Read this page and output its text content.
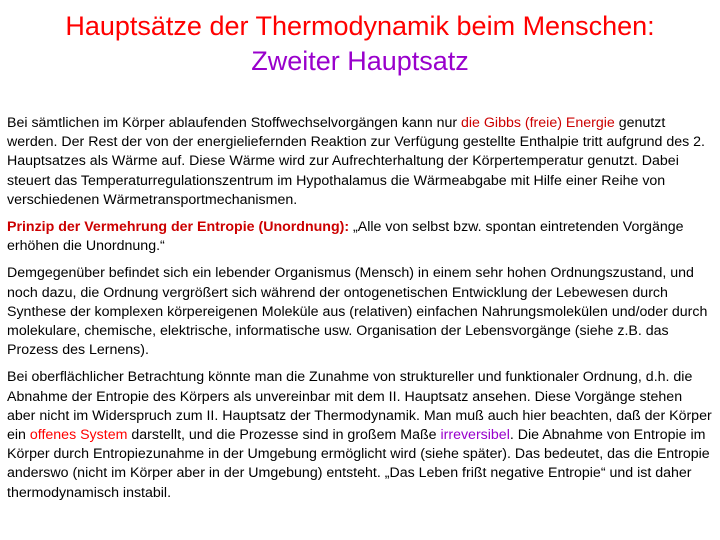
Hauptsätze der Thermodynamik beim Menschen:
Zweiter Hauptsatz

Bei sämtlichen im Körper ablaufenden Stoffwechselvorgängen kann nur die Gibbs (freie) Energie genutzt werden. Der Rest der von der energieliefernden Reaktion zur Verfügung gestellte Enthalpie tritt aufgrund des 2. Hauptsatzes als Wärme auf. Diese Wärme wird zur Aufrechterhaltung der Körpertemperatur genutzt. Dabei steuert das Temperaturregulationszentrum im Hypothalamus die Wärmeabgabe mit Hilfe einer Reihe von verschiedenen Wärmetransportmechanismen.

Prinzip der Vermehrung der Entropie (Unordnung): „Alle von selbst bzw. spontan eintretenden Vorgänge erhöhen die Unordnung.“

Demgegenüber befindet sich ein lebender Organismus (Mensch) in einem sehr hohen Ordnungszustand, und noch dazu, die Ordnung vergrößert sich während der ontogenetischen Entwicklung der Lebewesen durch Synthese der komplexen körpereigenen Moleküle aus (relativen) einfachen Nahrungsmolekülen und/oder durch molekulare, chemische, elektrische, informatische usw. Organisation der Lebensvorgänge (siehe z.B. das Prozess des Lernens).

Bei oberflächlicher Betrachtung könnte man die Zunahme von struktureller und funktionaler Ordnung, d.h. die Abnahme der Entropie des Körpers als unvereinbar mit dem II. Hauptsatz ansehen. Diese Vorgänge stehen aber nicht im Widerspruch zum II. Hauptsatz der Thermodynamik. Man muß auch hier beachten, daß der Körper ein offenes System darstellt, und die Prozesse sind in großem Maße irreversibel. Die Abnahme von Entropie im Körper durch Entropiezunahme in der Umgebung ermöglicht wird (siehe später). Das bedeutet, das die Entropie anderswo (nicht im Körper aber in der Umgebung) entsteht. „Das Leben frißt negative Entropie“ und ist daher thermodynamisch instabil.
